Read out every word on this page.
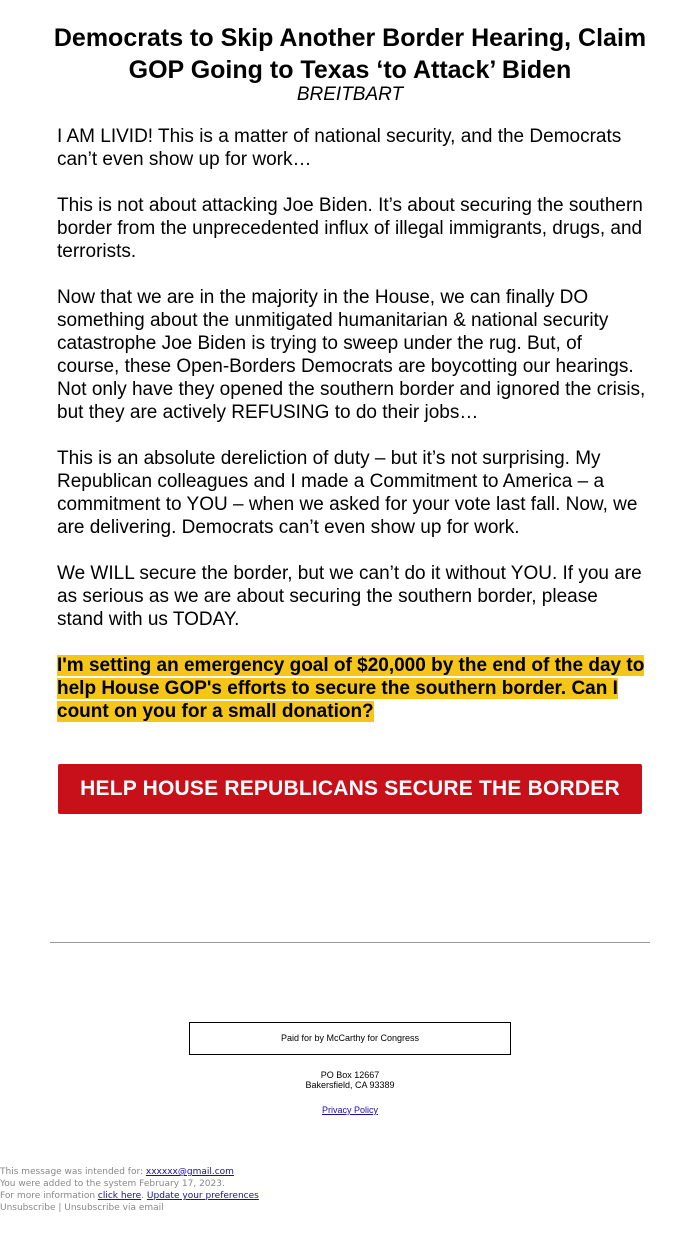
Democrats to Skip Another Border Hearing, Claim GOP Going to Texas ‘to Attack’ Biden
BREITBART

I AM LIVID! This is a matter of national security, and the Democrats can’t even show up for work…

This is not about attacking Joe Biden. It’s about securing the southern border from the unprecedented influx of illegal immigrants, drugs, and terrorists.

Now that we are in the majority in the House, we can finally DO something about the unmitigated humanitarian & national security catastrophe Joe Biden is trying to sweep under the rug. But, of course, these Open-Borders Democrats are boycotting our hearings. Not only have they opened the southern border and ignored the crisis, but they are actively REFUSING to do their jobs…

This is an absolute dereliction of duty – but it’s not surprising. My Republican colleagues and I made a Commitment to America – a commitment to YOU – when we asked for your vote last fall. Now, we are delivering. Democrats can’t even show up for work.

We WILL secure the border, but we can’t do it without YOU. If you are as serious as we are about securing the southern border, please stand with us TODAY.

I'm setting an emergency goal of $20,000 by the end of the day to help House GOP's efforts to secure the southern border. Can I count on you for a small donation?

HELP HOUSE REPUBLICANS SECURE THE BORDER
Paid for by McCarthy for Congress
PO Box 12667
Bakersfield, CA 93389
Privacy Policy
This message was intended for: xxxxxx@gmail.com
You were added to the system February 17, 2023.
For more information click here. Update your preferences
Unsubscribe | Unsubscribe via email
